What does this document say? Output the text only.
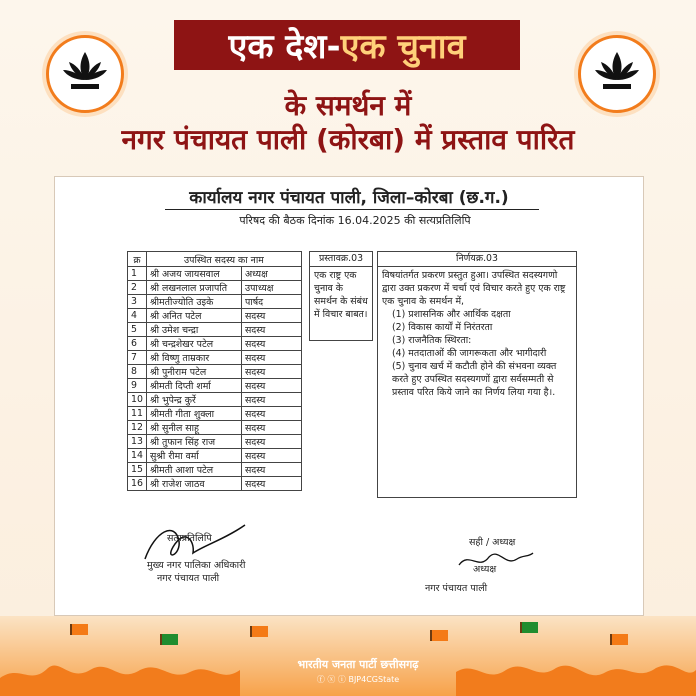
एक देश- एक चुनाव
के समर्थन में
नगर पंचायत पाली (कोरबा) में प्रस्ताव पारित
कार्यालय नगर पंचायत पाली, जिला–कोरबा (छ.ग.)
परिषद की बैठक दिनांक 16.04.2025 की सत्यप्रतिलिपि
क्र	उपस्थित सदस्य का नाम	
1	श्री अजय जायसवाल	अध्यक्ष
2	श्री लखनलाल प्रजापति	उपाध्यक्ष
3	श्रीमतीज्योति उइके	पार्षद
4	श्री अनित पटेल	सदस्य
5	श्री उमेश चन्द्रा	सदस्य
6	श्री चन्द्रशेखर पटेल	सदस्य
7	श्री विष्णु ताम्रकार	सदस्य
8	श्री पुनीराम पटेल	सदस्य
9	श्रीमती दिप्ती शर्मा	सदस्य
10	श्री भुपेन्द्र कुर्रे	सदस्य
11	श्रीमती गीता शुक्ला	सदस्य
12	श्री सुनील साहू	सदस्य
13	श्री तुफान सिंह राज	सदस्य
14	सुश्री रीमा वर्मा	सदस्य
15	श्रीमती आशा पटेल	सदस्य
16	श्री राजेश जाठव	सदस्य
प्रस्तावक्र.03
एक राष्ट्र एक चुनाव के समर्थन के संबंध में विचार बाबत।
निर्णयक्र.03
विषयांतर्गत प्रकरण प्रस्तुत हुआ। उपस्थित सदस्यगणो द्वारा उक्त प्रकरण में चर्चा एवं विचार करते हुए एक राष्ट्र एक चुनाव के समर्थन में,
(1) प्रशासनिक और आर्थिक दक्षता
(2) विकास कार्यों में निरंतरता
(3) राजनैतिक स्थिरता:
(4) मतदाताओं की जागरूकता और भागीदारी
(5) चुनाव खर्च में कटौती होने की संभवना व्यक्त करते हुए उपस्थित सदस्यगणों द्वारा सर्वसम्मती से प्रस्ताव परित किये जाने का निर्णय लिया गया है।.
सत्यप्रतिलिपि
मुख्य नगर पालिका अधिकारी
नगर पंचायत पाली
सही / अध्यक्ष
अध्यक्ष
नगर पंचायत पाली
भारतीय जनता पार्टी छत्तीसगढ़
ⓕ ⓧ ⓘ BJP4CGState
